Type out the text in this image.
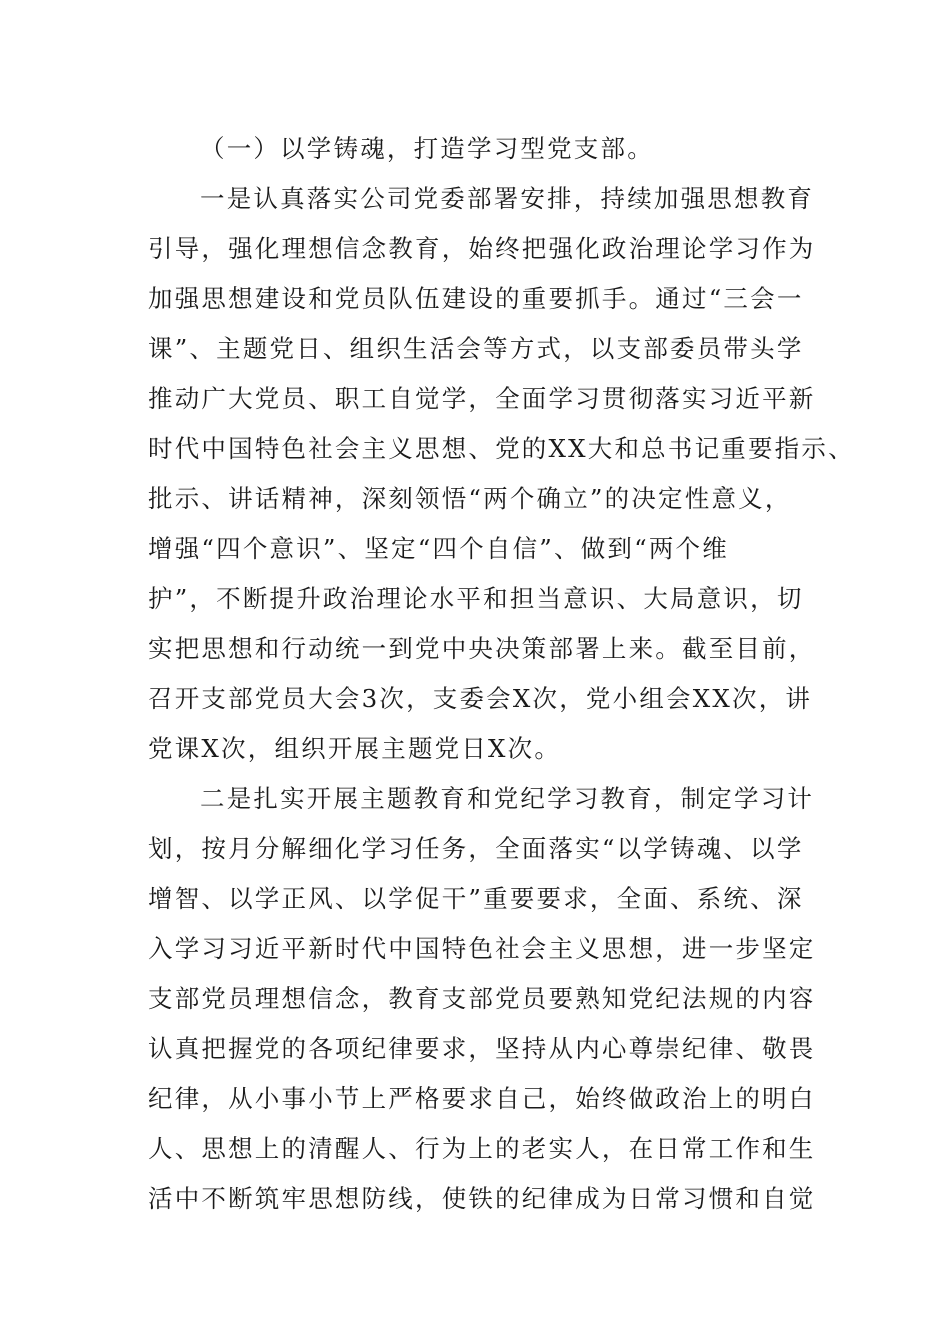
（一）以学铸魂，打造学习型党支部。

一是认真落实公司党委部署安排，持续加强思想教育
引导，强化理想信念教育，始终把强化政治理论学习作为
加强思想建设和党员队伍建设的重要抓手。通过“三会一
课”、主题党日、组织生活会等方式，以支部委员带头学
推动广大党员、职工自觉学，全面学习贯彻落实习近平新
时代中国特色社会主义思想、党的XX大和总书记重要指示、
批示、讲话精神，深刻领悟“两个确立”的决定性意义，
增强“四个意识”、坚定“四个自信”、做到“两个维
护”，不断提升政治理论水平和担当意识、大局意识，切
实把思想和行动统一到党中央决策部署上来。截至目前，
召开支部党员大会3次，支委会X次，党小组会XX次，讲
党课X次，组织开展主题党日X次。

二是扎实开展主题教育和党纪学习教育，制定学习计
划，按月分解细化学习任务，全面落实“以学铸魂、以学
增智、以学正风、以学促干”重要要求，全面、系统、深
入学习习近平新时代中国特色社会主义思想，进一步坚定
支部党员理想信念，教育支部党员要熟知党纪法规的内容
认真把握党的各项纪律要求，坚持从内心尊崇纪律、敬畏
纪律，从小事小节上严格要求自己，始终做政治上的明白
人、思想上的清醒人、行为上的老实人，在日常工作和生
活中不断筑牢思想防线，使铁的纪律成为日常习惯和自觉
